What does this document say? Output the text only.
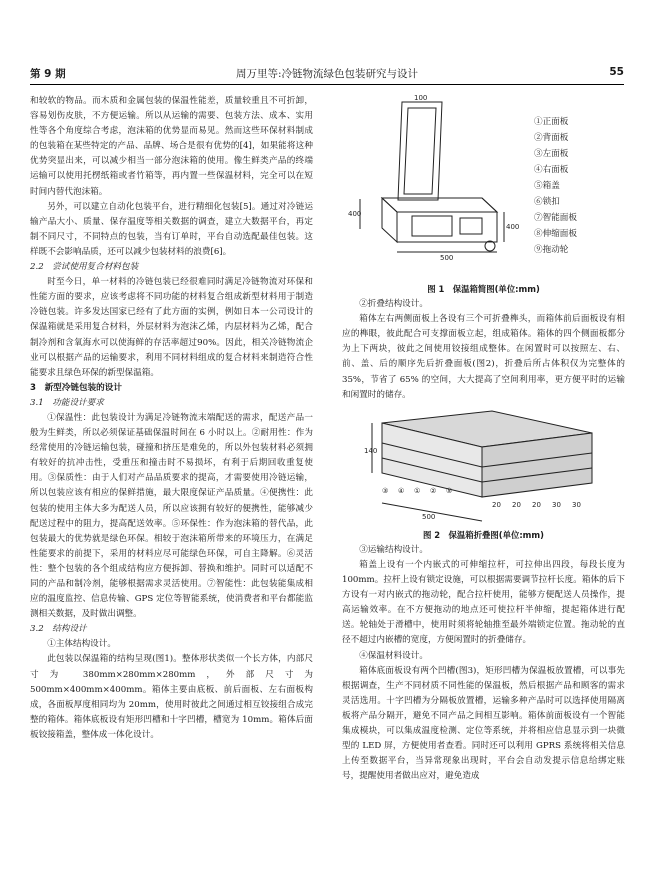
第 9 期	周万里等:冷链物流绿色包装研究与设计	55

和较软的物品。而木质和金属包装的保温性能差，质量较重且不可折卸，容易划伤皮肤，不方便运输。所以从运输的需要、包装方法、成本、实用性等各个角度综合考虑，泡沫箱的优势显而易见。然而这些环保材料制成的包装箱在某些特定的产品、品牌、场合是很有优势的[4]，如果能将这种优势突显出来，可以减少相当一部分泡沫箱的使用。像生鲜类产品的终端运输可以使用托楞纸箱或者竹箱等，再内置一些保温材料，完全可以在短时间内替代泡沫箱。

另外，可以建立自动化包装平台，进行精细化包装[5]。通过对冷链运输产品大小、质量、保存温度等相关数据的调查，建立大数据平台，再定制不同尺寸，不同特点的包装，当有订单时，平台自动选配最佳包装。这样既不会影响品质，还可以减少包装材料的浪费[6]。

2.2　尝试使用复合材料包装

时至今日，单一材料的冷链包装已经很难同时满足冷链物流对环保和性能方面的要求，应该考虑将不同功能的材料复合组成新型材料用于制造冷链包装。许多发达国家已经有了此方面的实例，例如日本一公司设计的保温箱就是采用复合材料，外层材料为泡沫乙烯，内层材料为乙烯，配合制冷剂和含氧海水可以使海鲜的存活率超过90%。因此，相关冷链物流企业可以根据产品的运输要求，利用不同材料组成的复合材料来制造符合性能要求且绿色环保的新型保温箱。

3　新型冷链包装的设计

3.1　功能设计要求

①保温性：此包装设计为满足冷链物流末端配送的需求，配送产品一般为生鲜类，所以必须保证基础保温时间在 6 小时以上。②耐用性：作为经常使用的冷链运输包装，碰撞和挤压是难免的，所以外包装材料必须拥有较好的抗冲击性，受重压和撞击时不易损坏，有利于后期回收重复使用。③保质性：由于人们对产品品质要求的提高，才需要使用冷链运输，所以包装应该有相应的保鲜措施，最大限度保证产品质量。④便携性：此包装的使用主体大多为配送人员，所以应该拥有较好的便携性，能够减少配送过程中的阻力，提高配送效率。⑤环保性：作为泡沫箱的替代品，此包装最大的优势就是绿色环保。相较于泡沫箱所带来的环境压力，在满足性能要求的前提下，采用的材料应尽可能绿色环保，可自主降解。⑥灵活性：整个包装的各个组成结构应方便拆卸、替换和维护。同时可以适配不同的产品和制冷剂，能够根据需求灵活使用。⑦智能性：此包装能集成相应的温度监控、信息传输、GPS 定位等智能系统，使消费者和平台都能监测相关数据，及时做出调整。

3.2　结构设计

①主体结构设计。

此包装以保温箱的结构呈现(图1)。整体形状类似一个长方体，内部尺寸为 380mm×280mm×280mm，外部尺寸为 500mm×400mm×400mm。箱体主要由底板、前后面板、左右面板构成，各面板厚度相同均为 20mm，使用时彼此之间通过相互铰接组合成完整的箱体。箱体底板设有矩形凹槽和十字凹槽，槽宽为 10mm。箱体后面板铰接箱盖，整体成一体化设计。

100
500
400
400
①正面板
②背面板
③左面板
④右面板
⑤箱盖
⑥锁扣
⑦智能面板
⑧伸缩面板
⑨拖动轮

图 1　保温箱简图(单位:mm)

②折叠结构设计。

箱体左右两侧面板上各设有三个可折叠榫头，而箱体前后面板设有相应的榫眼，彼此配合可支撑面板立起，组成箱体。箱体的四个侧面板都分为上下两块，彼此之间使用铰接组成整体。在闲置时可以按照左、右、前、盖、后的顺序先后折叠面板(图2)，折叠后所占体积仅为完整体的 35%，节省了 65% 的空间，大大提高了空间利用率，更方便平时的运输和闲置时的储存。

140
500
20 20 20 30 30
③ ④ ① ② ⑤

图 2　保温箱折叠图(单位:mm)

③运输结构设计。

箱盖上设有一个内嵌式的可伸缩拉杆，可拉伸出四段，每段长度为 100mm。拉杆上设有锁定设施，可以根据需要调节拉杆长度。箱体的后下方设有一对内嵌式的拖动轮，配合拉杆使用，能够方便配送人员操作，提高运输效率。在不方便拖动的地点还可使拉杆半伸缩，提起箱体进行配送。轮轴处于滑槽中，使用时须将轮轴推至最外端锁定位置。拖动轮的直径不超过内嵌槽的宽度，方便闲置时的折叠储存。

④保温材料设计。

箱体底面板设有两个凹槽(图3)，矩形凹槽为保温板放置槽，可以事先根据调查，生产不同材质不同性能的保温板，然后根据产品和顾客的需求灵活选用。十字凹槽为分隔板放置槽，运输多种产品时可以选择使用隔离板将产品分隔开，避免不同产品之间相互影响。箱体前面板设有一个智能集成模块，可以集成温度检测、定位等系统，并将相应信息显示到一块微型的 LED 屏，方便使用者查看。同时还可以利用 GPRS 系统将相关信息上传至数据平台，当异常现象出现时，平台会自动发提示信息给绑定账号，提醒使用者做出应对，避免造成
